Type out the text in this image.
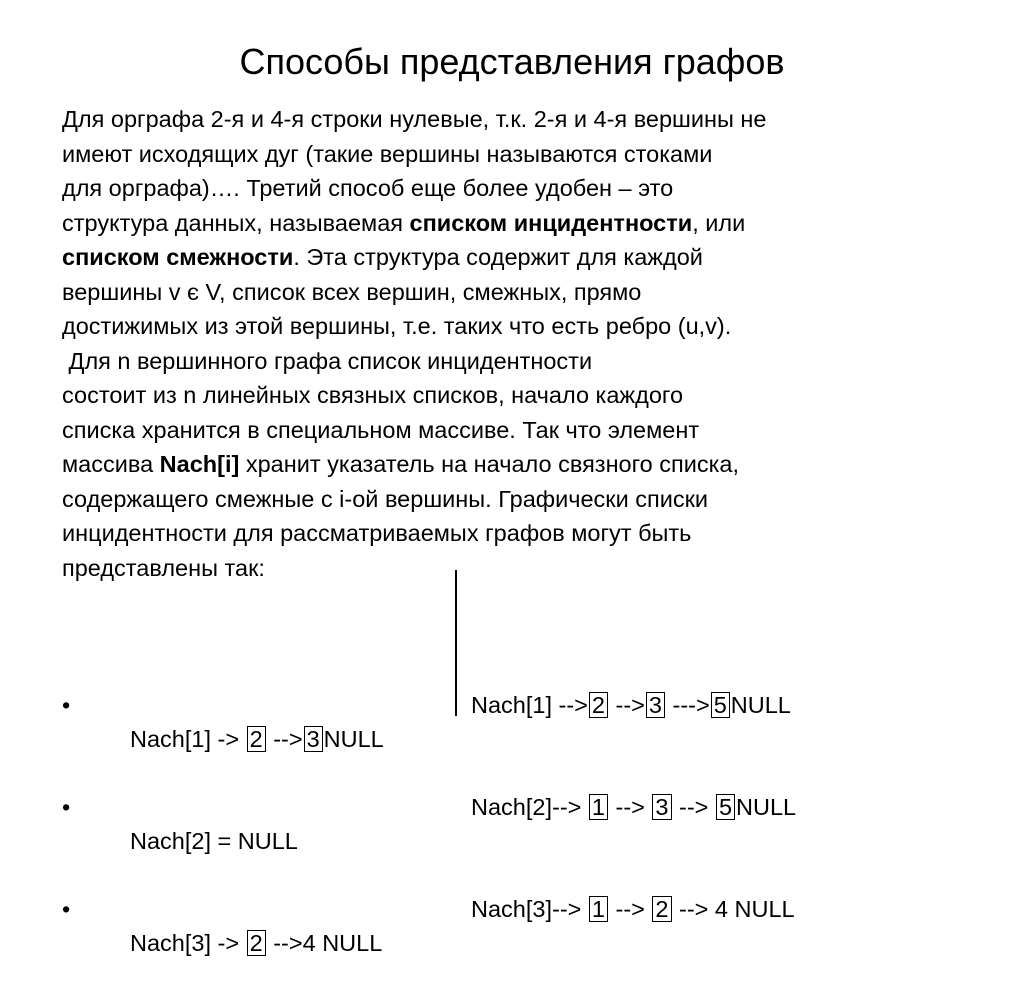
Способы представления графов
Для орграфа 2-я и 4-я строки нулевые, т.к. 2-я и 4-я вершины не
имеют исходящих дуг (такие вершины называются стоками
для орграфа)…. Третий способ еще более удобен – это
структура данных, называемая списком инцидентности, или
списком смежности. Эта структура содержит для каждой
вершины v є V, список всех вершин, смежных, прямо
достижимых из этой вершины, т.е. таких что есть ребро (u,v).
Для n вершинного графа список инцидентности
состоит из n линейных связных списков, начало каждого
списка хранится в специальном массиве. Так что элемент
массива Nach[i] хранит указатель на начало связного списка,
содержащего смежные с i-ой вершины. Графически списки
инцидентности для рассматриваемых графов могут быть
представлены так:

•

Nach[1] -> 2 --> 3 NULL

•

Nach[2] = NULL

•

Nach[3] -> 2 -->4 NULL

Nach[1] --> 2 --> 3 ---> 5 NULL

Nach[2]--> 1 --> 3 --> 5 NULL

Nach[3]--> 1 --> 2 --> 4 NULL
